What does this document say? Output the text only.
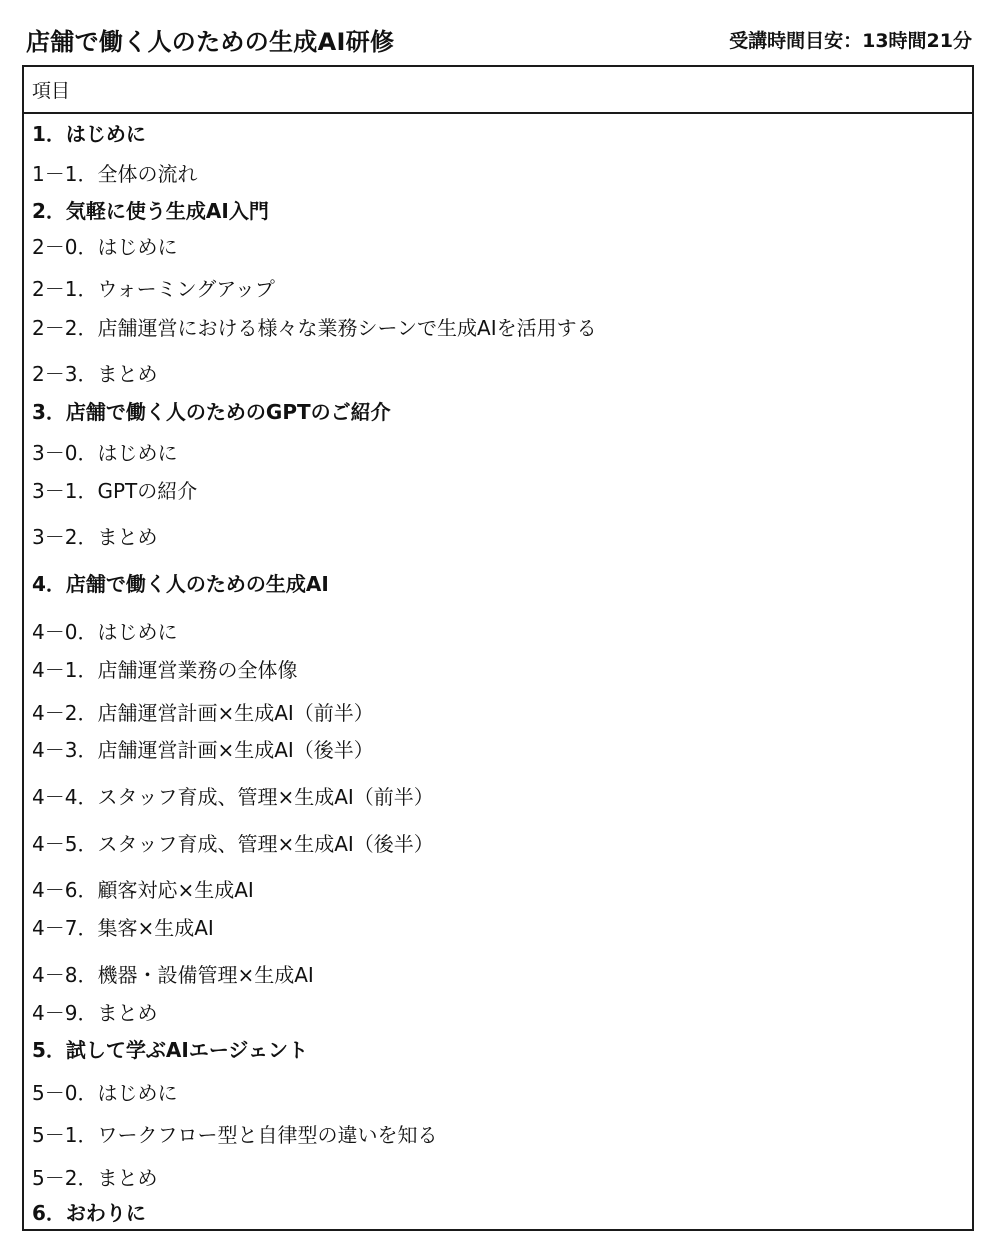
店舗で働く人のための生成AI研修	受講時間目安：13時間21分
項目
1．はじめに
1－1．全体の流れ
2．気軽に使う生成AI入門
2－0．はじめに
2－1．ウォーミングアップ
2－2．店舗運営における様々な業務シーンで生成AIを活用する
2－3．まとめ
3．店舗で働く人のためのGPTのご紹介
3－0．はじめに
3－1．GPTの紹介
3－2．まとめ
4．店舗で働く人のための生成AI
4－0．はじめに
4－1．店舗運営業務の全体像
4－2．店舗運営計画×生成AI（前半）
4－3．店舗運営計画×生成AI（後半）
4－4．スタッフ育成、管理×生成AI（前半）
4－5．スタッフ育成、管理×生成AI（後半）
4－6．顧客対応×生成AI
4－7．集客×生成AI
4－8．機器・設備管理×生成AI
4－9．まとめ
5．試して学ぶAIエージェント
5－0．はじめに
5－1．ワークフロー型と自律型の違いを知る
5－2．まとめ
6．おわりに
